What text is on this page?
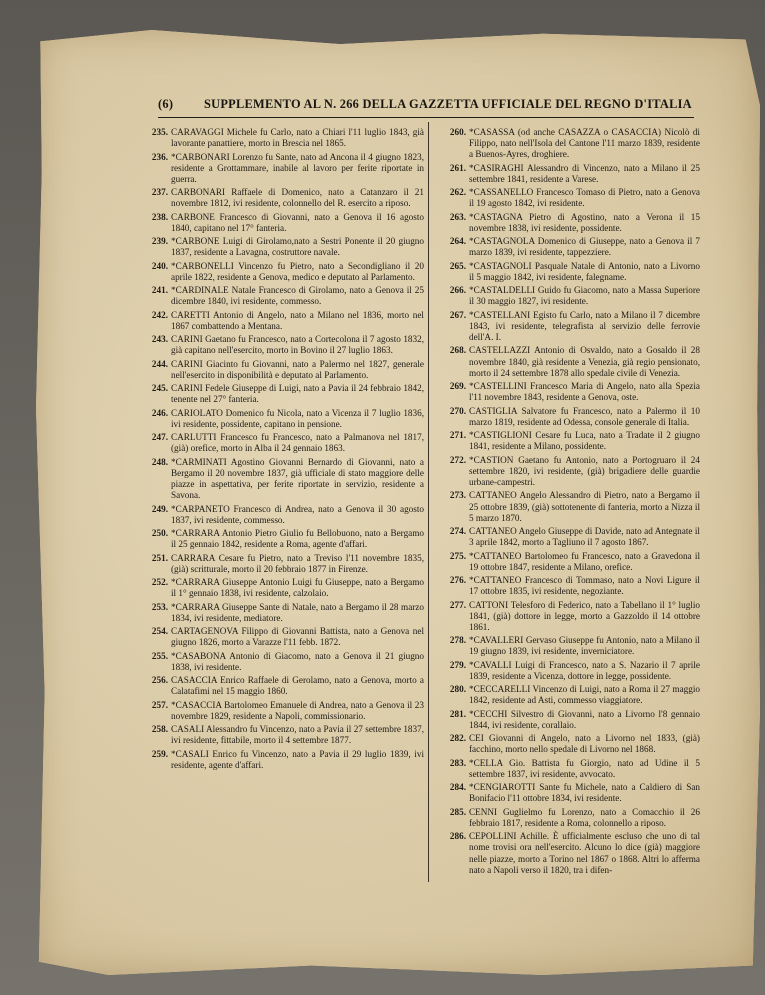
(6) SUPPLEMENTO AL N. 266 DELLA GAZZETTA UFFICIALE DEL REGNO D'ITALIA
235. CARAVAGGI Michele fu Carlo, nato a Chiari l'11 luglio 1843, già lavorante panattiere, morto in Brescia nel 1865.
236. *CARBONARI Lorenzo fu Sante, nato ad Ancona il 4 giugno 1823, residente a Grottammare, inabile al lavoro per ferite riportate in guerra.
237. CARBONARI Raffaele di Domenico, nato a Catanzaro il 21 novembre 1812, ivi residente, colonnello del R. esercito a riposo.
238. CARBONE Francesco di Giovanni, nato a Genova il 16 agosto 1840, capitano nel 17° fanteria.
239. *CARBONE Luigi di Girolamo,nato a Sestri Ponente il 20 giugno 1837, residente a Lavagna, costruttore navale.
240. *CARBONELLI Vincenzo fu Pietro, nato a Secondigliano il 20 aprile 1822, residente a Genova, medico e deputato al Parlamento.
241. *CARDINALE Natale Francesco di Girolamo, nato a Genova il 25 dicembre 1840, ivi residente, commesso.
242. CARETTI Antonio di Angelo, nato a Milano nel 1836, morto nel 1867 combattendo a Mentana.
243. CARINI Gaetano fu Francesco, nato a Cortecolona il 7 agosto 1832, già capitano nell'esercito, morto in Bovino il 27 luglio 1863.
244. CARINI Giacinto fu Giovanni, nato a Palermo nel 1827, generale nell'esercito in disponibilità e deputato al Parlamento.
245. CARINI Fedele Giuseppe di Luigi, nato a Pavia il 24 febbraio 1842, tenente nel 27° fanteria.
246. CARIOLATO Domenico fu Nicola, nato a Vicenza il 7 luglio 1836, ivi residente, possidente, capitano in pensione.
247. CARLUTTI Francesco fu Francesco, nato a Palmanova nel 1817, (già) orefice, morto in Alba il 24 gennaio 1863.
248. *CARMINATI Agostino Giovanni Bernardo di Giovanni, nato a Bergamo il 20 novembre 1837, già ufficiale di stato maggiore delle piazze in aspettativa, per ferite riportate in servizio, residente a Savona.
249. *CARPANETO Francesco di Andrea, nato a Genova il 30 agosto 1837, ivi residente, commesso.
250. *CARRARA Antonio Pietro Giulio fu Bellobuono, nato a Bergamo il 25 gennaio 1842, residente a Roma, agente d'affari.
251. CARRARA Cesare fu Pietro, nato a Treviso l'11 novembre 1835, (già) scritturale, morto il 20 febbraio 1877 in Firenze.
252. *CARRARA Giuseppe Antonio Luigi fu Giuseppe, nato a Bergamo il 1° gennaio 1838, ivi residente, calzolaio.
253. *CARRARA Giuseppe Sante di Natale, nato a Bergamo il 28 marzo 1834, ivi residente, mediatore.
254. CARTAGENOVA Filippo di Giovanni Battista, nato a Genova nel giugno 1826, morto a Varazze l'11 febb. 1872.
255. *CASABONA Antonio di Giacomo, nato a Genova il 21 giugno 1838, ivi residente.
256. CASACCIA Enrico Raffaele di Gerolamo, nato a Genova, morto a Calatafimi nel 15 maggio 1860.
257. *CASACCIA Bartolomeo Emanuele di Andrea, nato a Genova il 23 novembre 1829, residente a Napoli, commissionario.
258. CASALI Alessandro fu Vincenzo, nato a Pavia il 27 settembre 1837, ivi residente, fittabile, morto il 4 settembre 1877.
259. *CASALI Enrico fu Vincenzo, nato a Pavia il 29 luglio 1839, ivi residente, agente d'affari.
260. *CASASSA (od anche CASAZZA o CASACCIA) Nicolò di Filippo, nato nell'Isola del Cantone l'11 marzo 1839, residente a Buenos-Ayres, droghiere.
261. *CASIRAGHI Alessandro di Vincenzo, nato a Milano il 25 settembre 1841, residente a Varese.
262. *CASSANELLO Francesco Tomaso di Pietro, nato a Genova il 19 agosto 1842, ivi residente.
263. *CASTAGNA Pietro di Agostino, nato a Verona il 15 novembre 1838, ivi residente, possidente.
264. *CASTAGNOLA Domenico di Giuseppe, nato a Genova il 7 marzo 1839, ivi residente, tappezziere.
265. *CASTAGNOLI Pasquale Natale di Antonio, nato a Livorno il 5 maggio 1842, ivi residente, falegname.
266. *CASTALDELLI Guido fu Giacomo, nato a Massa Superiore il 30 maggio 1827, ivi residente.
267. *CASTELLANI Egisto fu Carlo, nato a Milano il 7 dicembre 1843, ivi residente, telegrafista al servizio delle ferrovie dell'A. I.
268. CASTELLAZZI Antonio di Osvaldo, nato a Gosaldo il 28 novembre 1840, già residente a Venezia, già regio pensionato, morto il 24 settembre 1878 allo spedale civile di Venezia.
269. *CASTELLINI Francesco Maria di Angelo, nato alla Spezia l'11 novembre 1843, residente a Genova, oste.
270. CASTIGLIA Salvatore fu Francesco, nato a Palermo il 10 marzo 1819, residente ad Odessa, console generale di Italia.
271. *CASTIGLIONI Cesare fu Luca, nato a Tradate il 2 giugno 1841, residente a Milano, possidente.
272. *CASTION Gaetano fu Antonio, nato a Portogruaro il 24 settembre 1820, ivi residente, (già) brigadiere delle guardie urbane-campestri.
273. CATTANEO Angelo Alessandro di Pietro, nato a Bergamo il 25 ottobre 1839, (già) sottotenente di fanteria, morto a Nizza il 5 marzo 1870.
274. CATTANEO Angelo Giuseppe di Davide, nato ad Antegnate il 3 aprile 1842, morto a Tagliuno il 7 agosto 1867.
275. *CATTANEO Bartolomeo fu Francesco, nato a Gravedona il 19 ottobre 1847, residente a Milano, orefice.
276. *CATTANEO Francesco di Tommaso, nato a Novi Ligure il 17 ottobre 1835, ivi residente, negoziante.
277. CATTONI Telesforo di Federico, nato a Tabellano il 1° luglio 1841, (già) dottore in legge, morto a Gazzoldo il 14 ottobre 1861.
278. *CAVALLERI Gervaso Giuseppe fu Antonio, nato a Milano il 19 giugno 1839, ivi residente, inverniciatore.
279. *CAVALLI Luigi di Francesco, nato a S. Nazario il 7 aprile 1839, residente a Vicenza, dottore in legge, possidente.
280. *CECCARELLI Vincenzo di Luigi, nato a Roma il 27 maggio 1842, residente ad Asti, commesso viaggiatore.
281. *CECCHI Silvestro di Giovanni, nato a Livorno l'8 gennaio 1844, ivi residente, corallaio.
282. CEI Giovanni di Angelo, nato a Livorno nel 1833, (già) facchino, morto nello spedale di Livorno nel 1868.
283. *CELLA Gio. Battista fu Giorgio, nato ad Udine il 5 settembre 1837, ivi residente, avvocato.
284. *CENGIAROTTI Sante fu Michele, nato a Caldiero di San Bonifacio l'11 ottobre 1834, ivi residente.
285. CENNI Guglielmo fu Lorenzo, nato a Comacchio il 26 febbraio 1817, residente a Roma, colonnello a riposo.
286. CEPOLLINI Achille. È ufficialmente escluso che uno di tal nome trovisi ora nell'esercito. Alcuno lo dice (già) maggiore nelle piazze, morto a Torino nel 1867 o 1868. Altri lo afferma nato a Napoli verso il 1820, tra i difen-
